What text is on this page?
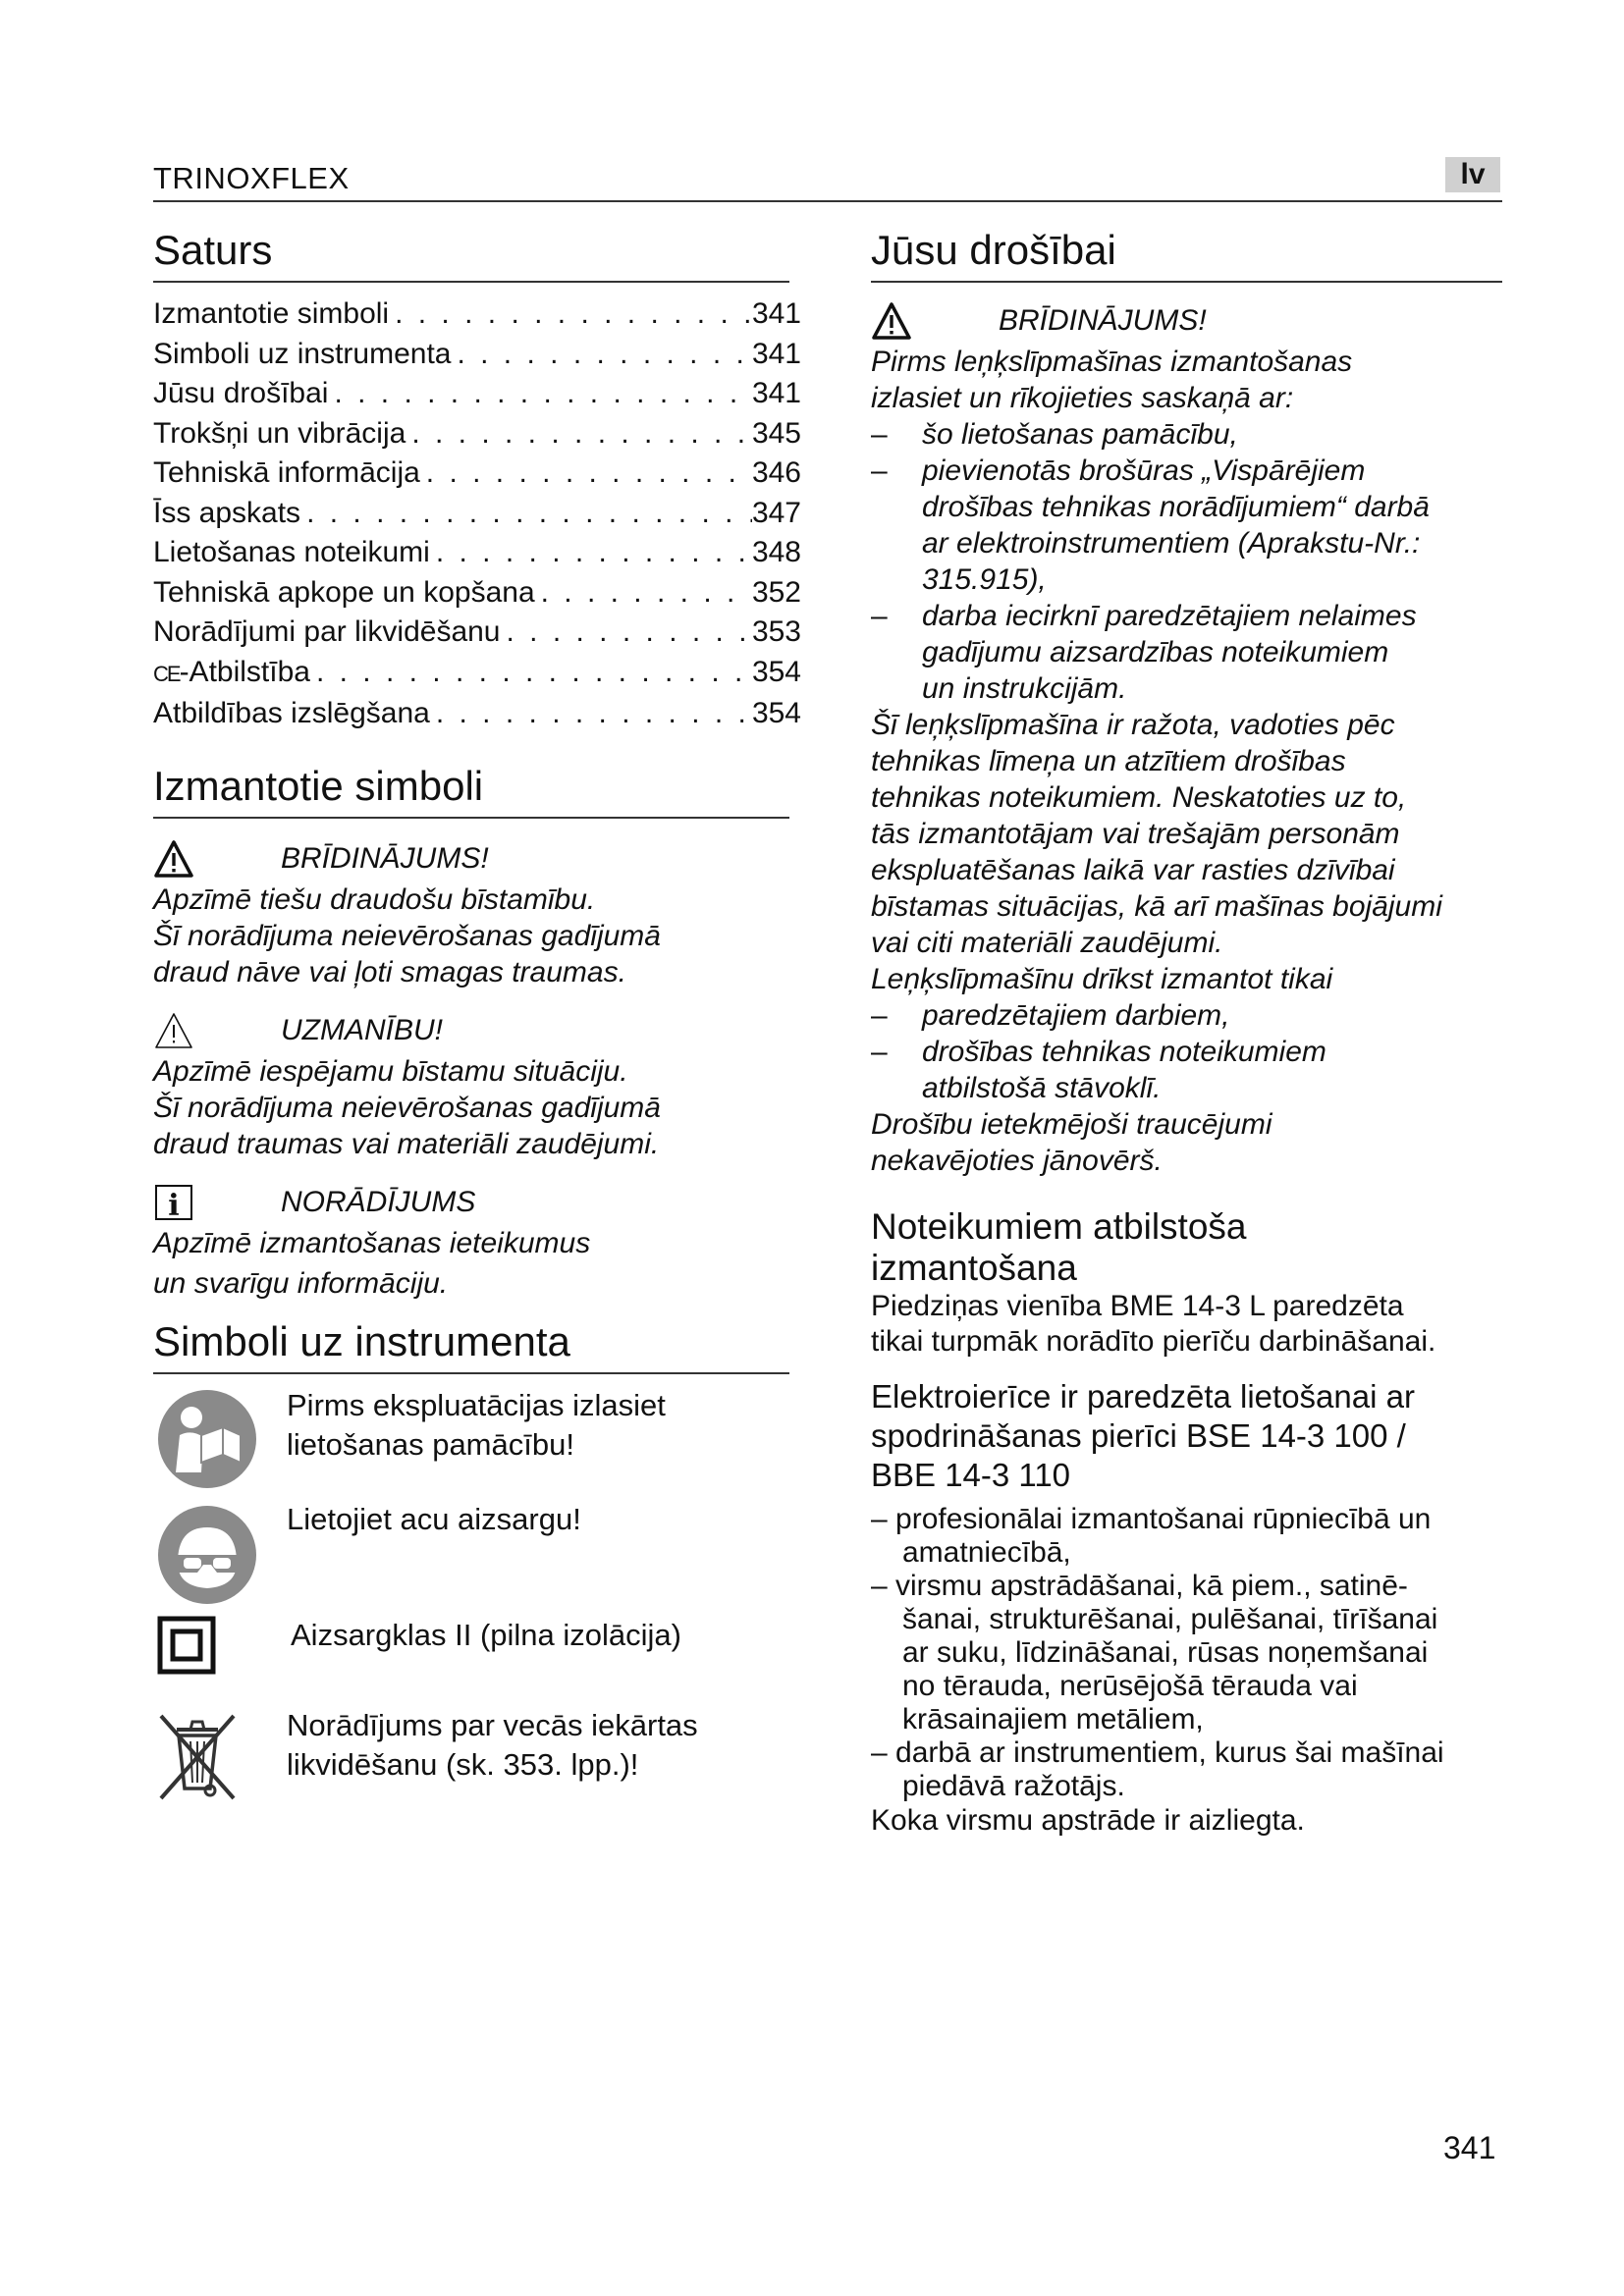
TRINOXFLEX	lv
Saturs
Izmantotie simboli . . .	341
Simboli uz instrumenta . . .	341
Jūsu drošībai . . .	341
Trokšņi un vibrācija . . .	345
Tehniskā informācija . . .	346
Īss apskats . . .	347
Lietošanas noteikumi . . .	348
Tehniskā apkope un kopšana . . .	352
Norādījumi par likvidēšanu . . .	353
CE-Atbilstība . . .	354
Atbildības izslēgšana . . .	354
Izmantotie simboli
BRĪDINĀJUMS!
Apzīmē tiešu draudošu bīstamību.
Šī norādījuma neievērošanas gadījumā
draud nāve vai ļoti smagas traumas.
UZMANĪBU!
Apzīmē iespējamu bīstamu situāciju.
Šī norādījuma neievērošanas gadījumā
draud traumas vai materiāli zaudējumi.
i	NORĀDĪJUMS
Apzīmē izmantošanas ieteikumus
un svarīgu informāciju.
Simboli uz instrumenta
Pirms ekspluatācijas izlasiet
lietošanas pamācību!
Lietojiet acu aizsargu!
Aizsargklas II (pilna izolācija)
Norādījums par vecās iekārtas
likvidēšanu (sk. 353. lpp.)!
Jūsu drošībai
BRĪDINĀJUMS!
Pirms leņķslīpmašīnas izmantošanas
izlasiet un rīkojieties saskaņā ar:
–	šo lietošanas pamācību,
–	pievienotās brošūras „Vispārējiem
drošības tehnikas norādījumiem“ darbā
ar elektroinstrumentiem (Aprakstu-Nr.:
315.915),
–	darba iecirknī paredzētajiem nelaimes
gadījumu aizsardzības noteikumiem
un instrukcijām.
Šī leņķslīpmašīna ir ražota, vadoties pēc
tehnikas līmeņa un atzītiem drošības
tehnikas noteikumiem. Neskatoties uz to,
tās izmantotājam vai trešajām personām
ekspluatēšanas laikā var rasties dzīvībai
bīstamas situācijas, kā arī mašīnas bojājumi
vai citi materiāli zaudējumi.
Leņķslīpmašīnu drīkst izmantot tikai
–	paredzētajiem darbiem,
–	drošības tehnikas noteikumiem
atbilstošā stāvoklī.
Drošību ietekmējoši traucējumi
nekavējoties jānovērš.
Noteikumiem atbilstoša
izmantošana
Piedziņas vienība BME 14-3 L paredzēta
tikai turpmāk norādīto pierīču darbināšanai.
Elektroierīce ir paredzēta lietošanai ar
spodrināšanas pierīci BSE 14-3 100 /
BBE 14-3 110
– profesionālai izmantošanai rūpniecībā un
amatniecībā,
– virsmu apstrādāšanai, kā piem., satinē-
šanai, strukturēšanai, pulēšanai, tīrīšanai
ar suku, līdzināšanai, rūsas noņemšanai
no tērauda, nerūsējošā tērauda vai
krāsainajiem metāliem,
– darbā ar instrumentiem, kurus šai mašīnai
piedāvā ražotājs.
Koka virsmu apstrāde ir aizliegta.
341
